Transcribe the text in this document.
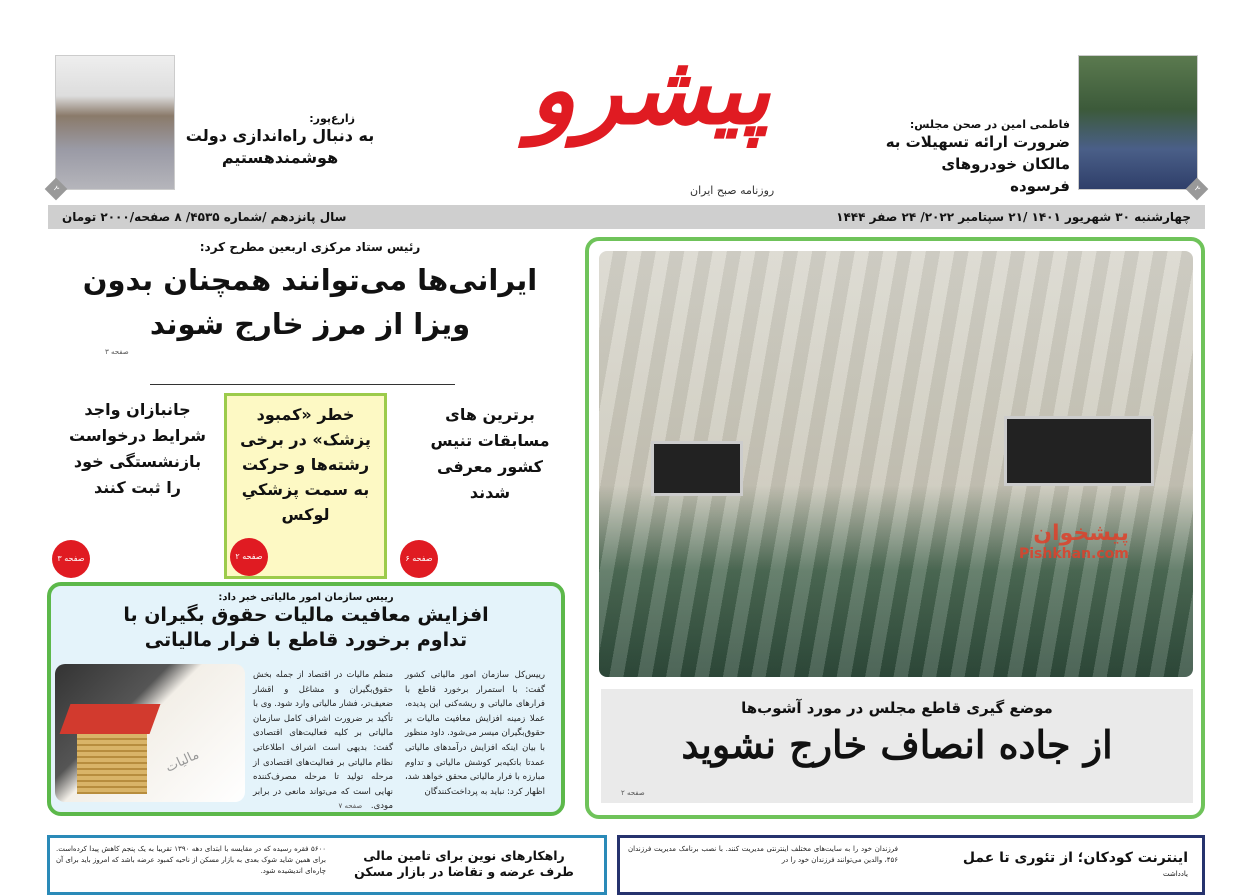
۲
زارع‌پور:
به دنبال راه‌اندازی دولت هوشمندهستیم
پیشرو
روزنامه صبح ایران
فاطمی امین در صحن مجلس:
ضرورت ارائه تسهیلات به مالکان خودروهای فرسوده	۲
چهارشنبه ۳۰ شهریور ۱۴۰۱ /۲۱ سپتامبر ۲۰۲۲/ ۲۴ صفر ۱۴۴۴
سال پانزدهم /شماره ۴۵۳۵/ ۸ صفحه/۲۰۰۰ تومان
رئیس ستاد مرکزی اربعین مطرح کرد:
ایرانی‌ها می‌توانند همچنان بدون ویزا از مرز خارج شوند
صفحه ۳
برترین های مسابقات تنیس کشور معرفی شدند
صفحه ۶
خطر «کمبود پزشک» در برخی رشته‌ها و حرکت به سمت پزشکیِ لوکس
صفحه ۲
جانبازان واجد شرایط درخواست بازنشستگی خود را ثبت کنند
صفحه ۳
رییس سازمان امور مالیاتی خبر داد:
افزایش معافیت مالیات حقوق بگیران با تداوم برخورد قاطع با فرار مالیاتی
رییس‌کل سازمان امور مالیاتی کشور گفت: با استمرار برخورد قاطع با فرارهای مالیاتی و ریشه‌کنی این پدیده، عملا زمینه افزایش معافیت مالیات بر حقوق‌بگیران میسر می‌شود. داود منظور با بیان اینکه افزایش درآمدهای مالیاتی عمدتا باتکیه‌بر کوشش مالیاتی و تداوم مبارزه با فرار مالیاتی محقق خواهد شد، اظهار کرد: نباید به پرداخت‌کنندگان
منظم مالیات در اقتصاد از جمله بخش حقوق‌بگیران و مشاغل و اقشار ضعیف‌تر، فشار مالیاتی وارد شود. وی با تأکید بر ضرورت اشراف کامل سازمان مالیاتی بر کلیه فعالیت‌های اقتصادی گفت: بدیهی است اشراف اطلاعاتی نظام مالیاتی بر فعالیت‌های اقتصادی از مرحله تولید تا مرحله مصرف‌کننده نهایی است که می‌تواند مانعی در برابر مودی. صفحه ۷
مالیات
پیشخوان
Pishkhan.com
موضع گیری قاطع مجلس در مورد آشوب‌ها
از جاده انصاف خارج نشوید
صفحه ۲
راهکارهای نوین برای تامین مالی طرف عرضه و تقاضا در بازار مسکن
۵۶۰۰ فقره رسیده که در مقایسه با ابتدای دهه ۱۳۹۰ تقریبا به یک پنجم کاهش پیدا کرده‌است. برای همین شاید شوک بعدی به بازار مسکن از ناحیه کمبود عرضه باشد که امروز باید برای آن چاره‌ای اندیشیده شود.
اینترنت کودکان؛ از تئوری تا عمل
یادداشت
فرزندان خود را به سایت‌های مختلف اینترنتی مدیریت کنند. با نصب برنامک مدیریت فرزندان ۴۵۶، والدین می‌توانند فرزندان خود را در
